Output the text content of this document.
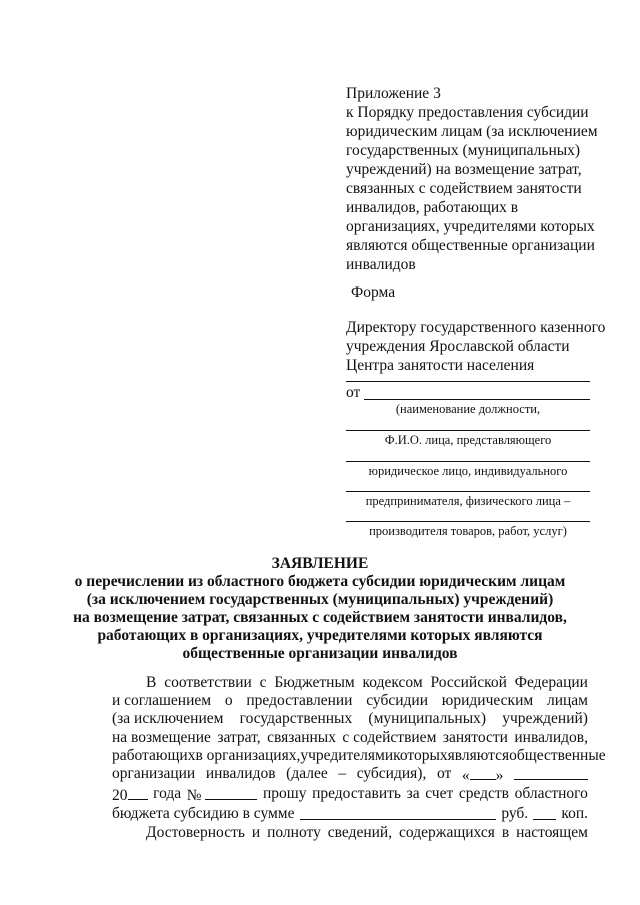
Приложение 3
к Порядку предоставления субсидии
юридическим лицам (за исключением
государственных (муниципальных)
учреждений) на возмещение затрат,
связанных с содействием занятости
инвалидов, работающих в
организациях, учредителями которых
являются общественные организации
инвалидов
Форма
Директору государственного казенного
учреждения Ярославской области
Центра занятости населения
от
(наименование должности,
Ф.И.О. лица, представляющего
юридическое лицо, индивидуального
предпринимателя, физического лица –
производителя товаров, работ, услуг)
ЗАЯВЛЕНИЕ
о перечислении из областного бюджета субсидии юридическим лицам
(за исключением государственных (муниципальных) учреждений)
на возмещение затрат, связанных с содействием занятости инвалидов,
работающих в организациях, учредителями которых являются
общественные организации инвалидов
В соответствии с Бюджетным кодексом Российской Федерации
и соглашением о предоставлении субсидии юридическим лицам
(за исключением государственных (муниципальных) учреждений)
на возмещение затрат, связанных с содействием занятости инвалидов,
работающих в организациях, учредителями которых являются общественные
организации инвалидов (далее – субсидия), от « »
20	года №	прошу предоставить за счет средств областного
бюджета субсидию в сумме	руб. коп.
Достоверность и полноту сведений, содержащихся в настоящем
